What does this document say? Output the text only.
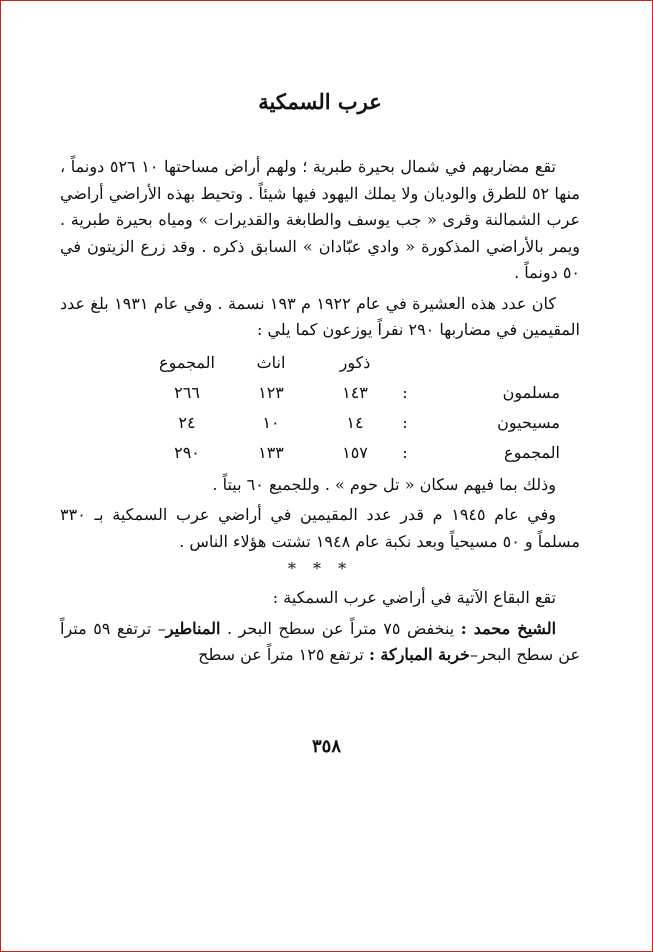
عرب السمكية

تقع مضاربهم في شمال بحيرة طبرية ؛ ولهم أراض مساحتها ١٠ ٥٢٦ دونماً ، منها ٥٢ للطرق والوديان ولا يملك اليهود فيها شيئاً . وتحيط بهذه الأراضي أراضي عرب الشمالنة وقرى « جب يوسف والطابغة والقديرات » ومياه بحيرة طبرية . ويمر بالأراضي المذكورة « وادي عبّادان » السابق ذكره . وقد زرع الزيتون في ٥٠ دونماً .

كان عدد هذه العشيرة في عام ١٩٢٢ م ١٩٣ نسمة . وفي عام ١٩٣١ بلغ عدد المقيمين في مضاربها ٢٩٠ نفراً يوزعون كما يلي :

		ذكور		اناث		المجموع
مسلمون	:	١٤٣		١٢٣		٢٦٦
مسيحيون	:	١٤		١٠		٢٤
المجموع	:	١٥٧		١٣٣		٢٩٠

وذلك بما فيهم سكان « تل حوم » . وللجميع ٦٠ بيتاً .

وفي عام ١٩٤٥ م قدر عدد المقيمين في أراضي عرب السمكية بـ ٣٣٠ مسلماً و ٥٠ مسيحياً وبعد نكبة عام ١٩٤٨ تشتت هؤلاء الناس .

* * *

تقع البقاع الآتية في أراضي عرب السمكية :

الشيخ محمد : ينخفض ٧٥ متراً عن سطح البحر . المناطير– ترتفع ٥٩ متراً عن سطح البحر–خربة المباركة : ترتفع ١٢٥ متراً عن سطح

٣٥٨
